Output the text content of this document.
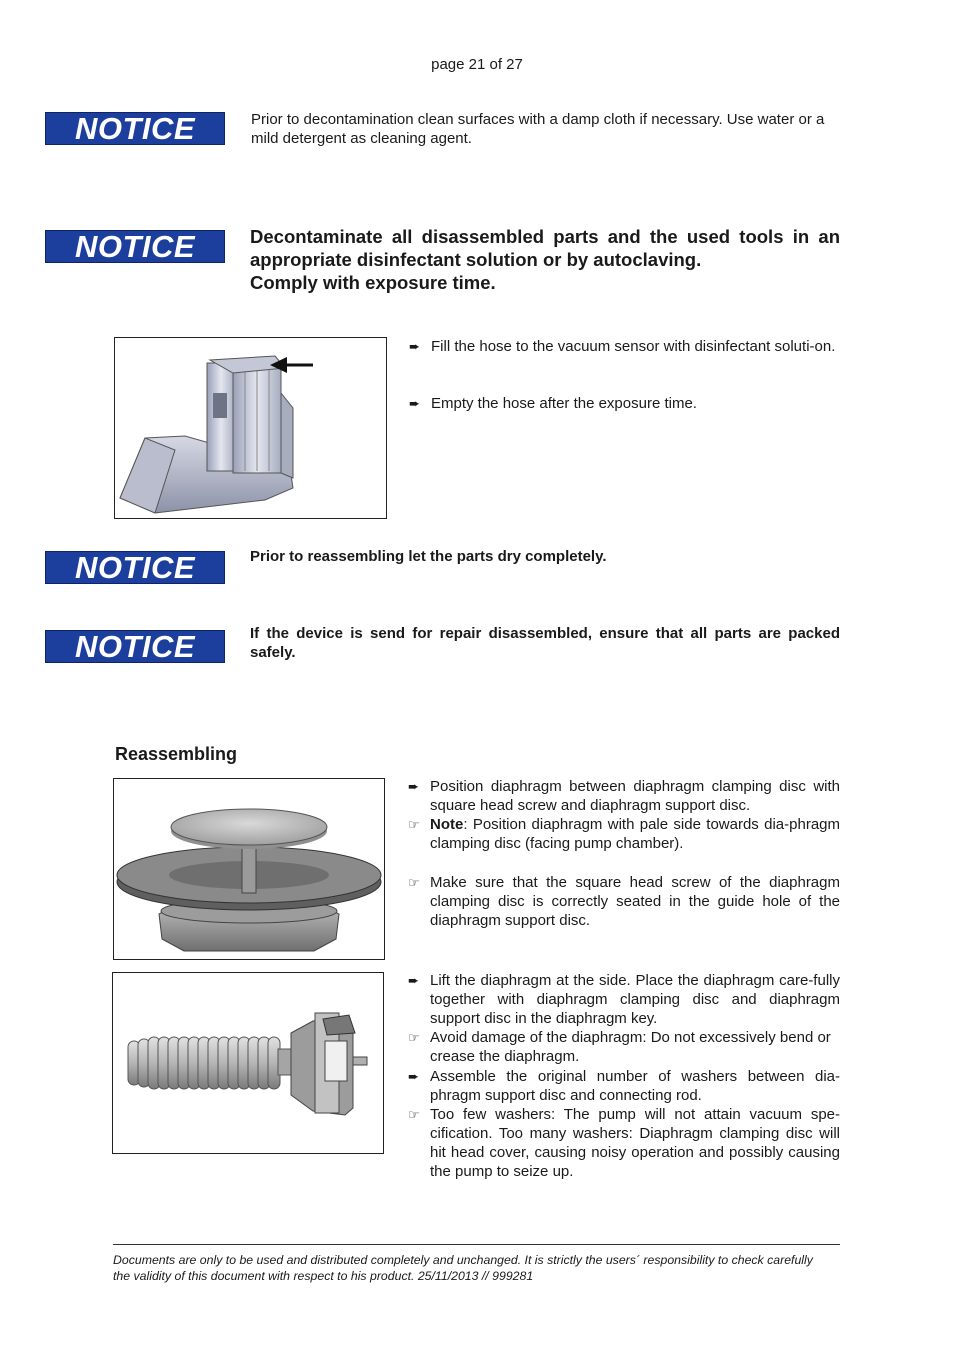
page 21 of 27
NOTICE	Prior to decontamination clean surfaces with a damp cloth if necessary. Use water or a mild detergent as cleaning agent.
NOTICE	Decontaminate all disassembled parts and the used tools in an appropriate disinfectant solution or by autoclaving.
Comply with exposure time.
➨ Fill the hose to the vacuum sensor with disinfectant soluti-on.
➨ Empty the hose after the exposure time.
NOTICE	Prior to reassembling let the parts dry completely.
NOTICE	If the device is send for repair disassembled, ensure that all parts are packed safely.
Reassembling
➨ Position diaphragm between diaphragm clamping disc with square head screw and diaphragm support disc.
☞ Note: Position diaphragm with pale side towards dia-phragm clamping disc (facing pump chamber).
☞ Make sure that the square head screw of the diaphragm clamping disc is correctly seated in the guide hole of the diaphragm support disc.
➨ Lift the diaphragm at the side. Place the diaphragm care-fully together with diaphragm clamping disc and diaphragm support disc in the diaphragm key.
☞ Avoid damage of the diaphragm: Do not excessively bend or crease the diaphragm.
➨ Assemble the original number of washers between dia-phragm support disc and connecting rod.
☞ Too few washers: The pump will not attain vacuum spe-cification. Too many washers: Diaphragm clamping disc will hit head cover, causing noisy operation and possibly causing the pump to seize up.
Documents are only to be used and distributed completely and unchanged. It is strictly the users´ responsibility to check carefully
the validity of this document with respect to his product. 25/11/2013 // 999281
